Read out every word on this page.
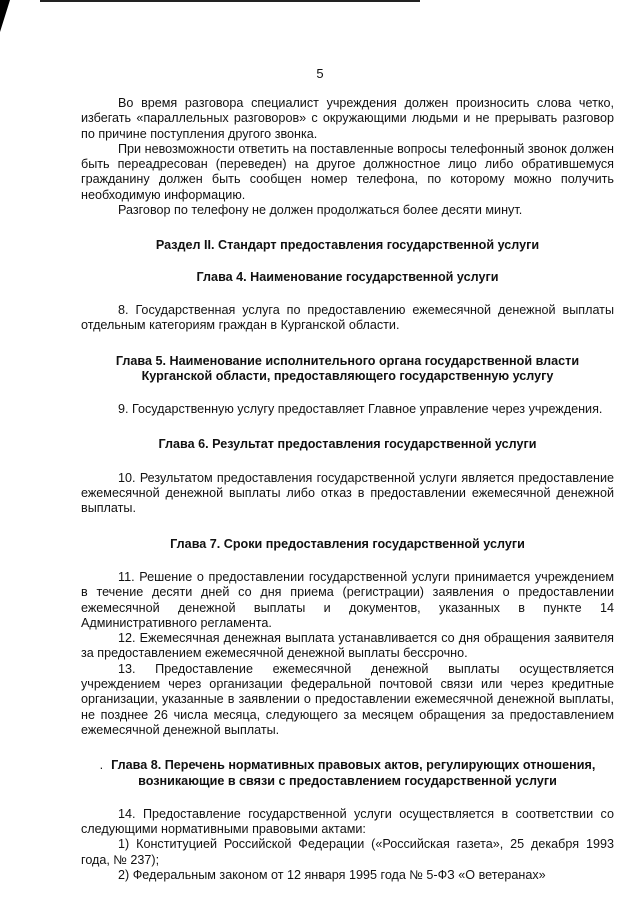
5

Во время разговора специалист учреждения должен произносить слова четко, избегать «параллельных разговоров» с окружающими людьми и не прерывать разговор по причине поступления другого звонка.

При невозможности ответить на поставленные вопросы телефонный звонок должен быть переадресован (переведен) на другое должностное лицо либо обратившемуся гражданину должен быть сообщен номер телефона, по которому можно получить необходимую информацию.

Разговор по телефону не должен продолжаться более десяти минут.

Раздел II. Стандарт предоставления государственной услуги
Глава 4. Наименование государственной услуги

8. Государственная услуга по предоставлению ежемесячной денежной выплаты отдельным категориям граждан в Курганской области.

Глава 5. Наименование исполнительного органа государственной власти Курганской области, предоставляющего государственную услугу

9. Государственную услугу предоставляет Главное управление через учреждения.

Глава 6. Результат предоставления государственной услуги

10. Результатом предоставления государственной услуги является предоставление ежемесячной денежной выплаты либо отказ в предоставлении ежемесячной денежной выплаты.

Глава 7. Сроки предоставления государственной услуги

11. Решение о предоставлении государственной услуги принимается учреждением в течение десяти дней со дня приема (регистрации) заявления о предоставлении ежемесячной денежной выплаты и документов, указанных в пункте 14 Административного регламента.

12. Ежемесячная денежная выплата устанавливается со дня обращения заявителя за предоставлением ежемесячной денежной выплаты бессрочно.

13. Предоставление ежемесячной денежной выплаты осуществляется учреждением через организации федеральной почтовой связи или через кредитные организации, указанные в заявлении о предоставлении ежемесячной денежной выплаты, не позднее 26 числа месяца, следующего за месяцем обращения за предоставлением ежемесячной денежной выплаты.

. Глава 8. Перечень нормативных правовых актов, регулирующих отношения, возникающие в связи с предоставлением государственной услуги

14. Предоставление государственной услуги осуществляется в соответствии со следующими нормативными правовыми актами:

1) Конституцией Российской Федерации («Российская газета», 25 декабря 1993 года, № 237);

2) Федеральным законом от 12 января 1995 года № 5-ФЗ «О ветеранах»
